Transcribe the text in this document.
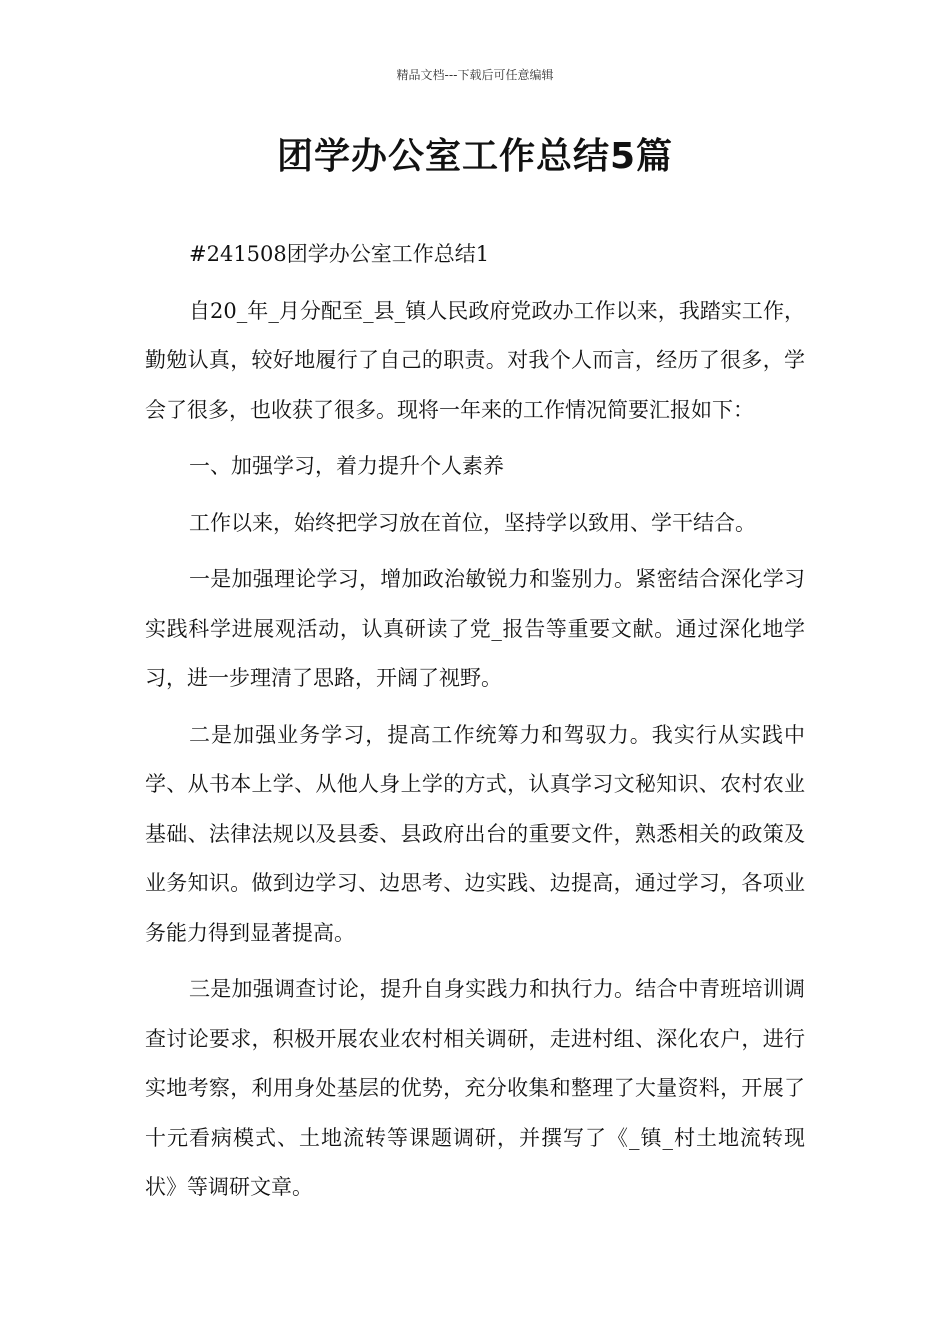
精品文档---下载后可任意编辑
团学办公室工作总结5篇

#241508团学办公室工作总结1

自20_年_月分配至_县_镇人民政府党政办工作以来，我踏实工作，勤勉认真，较好地履行了自己的职责。对我个人而言，经历了很多，学会了很多，也收获了很多。现将一年来的工作情况简要汇报如下：

一、加强学习，着力提升个人素养

工作以来，始终把学习放在首位，坚持学以致用、学干结合。

一是加强理论学习，增加政治敏锐力和鉴别力。紧密结合深化学习实践科学进展观活动，认真研读了党_报告等重要文献。通过深化地学习，进一步理清了思路，开阔了视野。

二是加强业务学习，提高工作统筹力和驾驭力。我实行从实践中学、从书本上学、从他人身上学的方式，认真学习文秘知识、农村农业基础、法律法规以及县委、县政府出台的重要文件，熟悉相关的政策及业务知识。做到边学习、边思考、边实践、边提高，通过学习，各项业务能力得到显著提高。

三是加强调查讨论，提升自身实践力和执行力。结合中青班培训调查讨论要求，积极开展农业农村相关调研，走进村组、深化农户，进行实地考察，利用身处基层的优势，充分收集和整理了大量资料，开展了十元看病模式、土地流转等课题调研，并撰写了《_镇_村土地流转现状》等调研文章。
